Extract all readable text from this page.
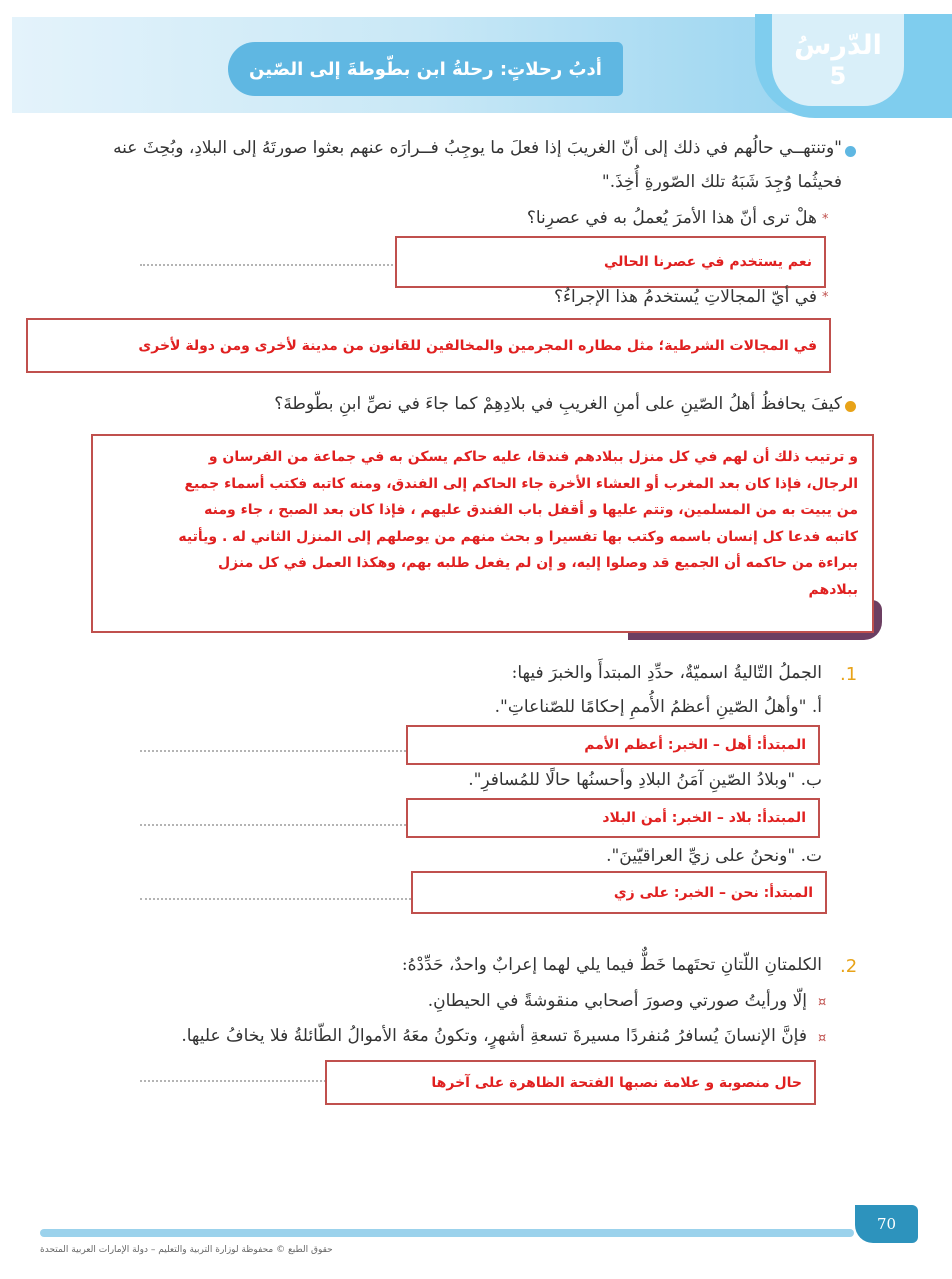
الدّرسُ
5
أدبُ رحلاتٍ: رحلةُ ابن بطّوطةَ إلى الصّين
"وتنتهــي حالُهم في ذلك إلى أنّ الغريبَ إذا فعلَ ما يوجِبُ فــرارَه عنهم بعثوا صورتَهُ إلى البلادِ، وبُحِثَ عنه
فحيثُما وُجِدَ شَبَهُ تلك الصّورةِ أُخِذَ."
*
هلْ ترى أنّ هذا الأمرَ يُعملُ به في عصرِنا؟
نعم يستخدم في عصرنا الحالي
*
في أيّ المجالاتِ يُستخدمُ هذا الإجراءُ؟
في المجالات الشرطية؛ مثل مطاره المجرمين والمخالفين للقانون من مدينة لأخرى ومن دولة لأخرى
كيفَ يحافظُ أهلُ الصّينِ على أمنِ الغريبِ في بلادِهِمْ كما جاءَ في نصِّ ابنِ بطّوطةَ؟
و ترتيب ذلك أن لهم في كل منزل ببلادهم فندقا، عليه حاكم يسكن به في جماعة من الفرسان و
الرجال، فإذا كان بعد المغرب أو العشاء الأخرة جاء الحاكم إلى الفندق، ومنه كاتبه فكتب أسماء جميع
من يبيت به من المسلمين، وتتم عليها و أقفل باب الفندق عليهم ، فإذا كان بعد الصبح ، جاء ومنه
كاتبه فدعا كل إنسان باسمه وكتب بها تفسيرا و بحث منهم من يوصلهم إلى المنزل الثاني له . ويأتيه
ببراءة من حاكمه أن الجميع قد وصلوا إليه، و إن لم يفعل طلبه بهم، وهكذا العمل في كل منزل
ببلادهم
1.
الجملُ التّاليةُ اسميّةٌ، حدِّدِ المبتدأَ والخبرَ فيها:
أ. "وأهلُ الصّينِ أعظمُ الأُممِ إحكامًا للصّناعاتِ".
المبتدأ: أهل – الخبر: أعظم الأمم
ب. "وبلادُ الصّينِ آمَنُ البلادِ وأحسنُها حالًا للمُسافرِ".
المبتدأ: بلاد – الخبر: أمن البلاد
ت. "ونحنُ على زيِّ العراقيّينَ".
المبتدأ: نحن – الخبر: على زي
2.
الكلمتانِ اللّتانِ تحتَهما خَطٌّ فيما يلي لهما إعرابٌ واحدٌ، حَدِّدْهُ:
¤
إلّا ورأيتُ صورتي وصورَ أصحابي منقوشةً في الحيطانِ.
¤
فإنَّ الإنسانَ يُسافرُ مُنفردًا مسيرةَ تسعةِ أشهرٍ، وتكونُ معَهُ الأموالُ الطّائلةُ فلا يخافُ عليها.
حال منصوبة و علامة نصبها الفتحة الظاهرة على آخرها
70
حقوق الطبع © محفوظة لوزارة التربية والتعليم – دولة الإمارات العربية المتحدة
